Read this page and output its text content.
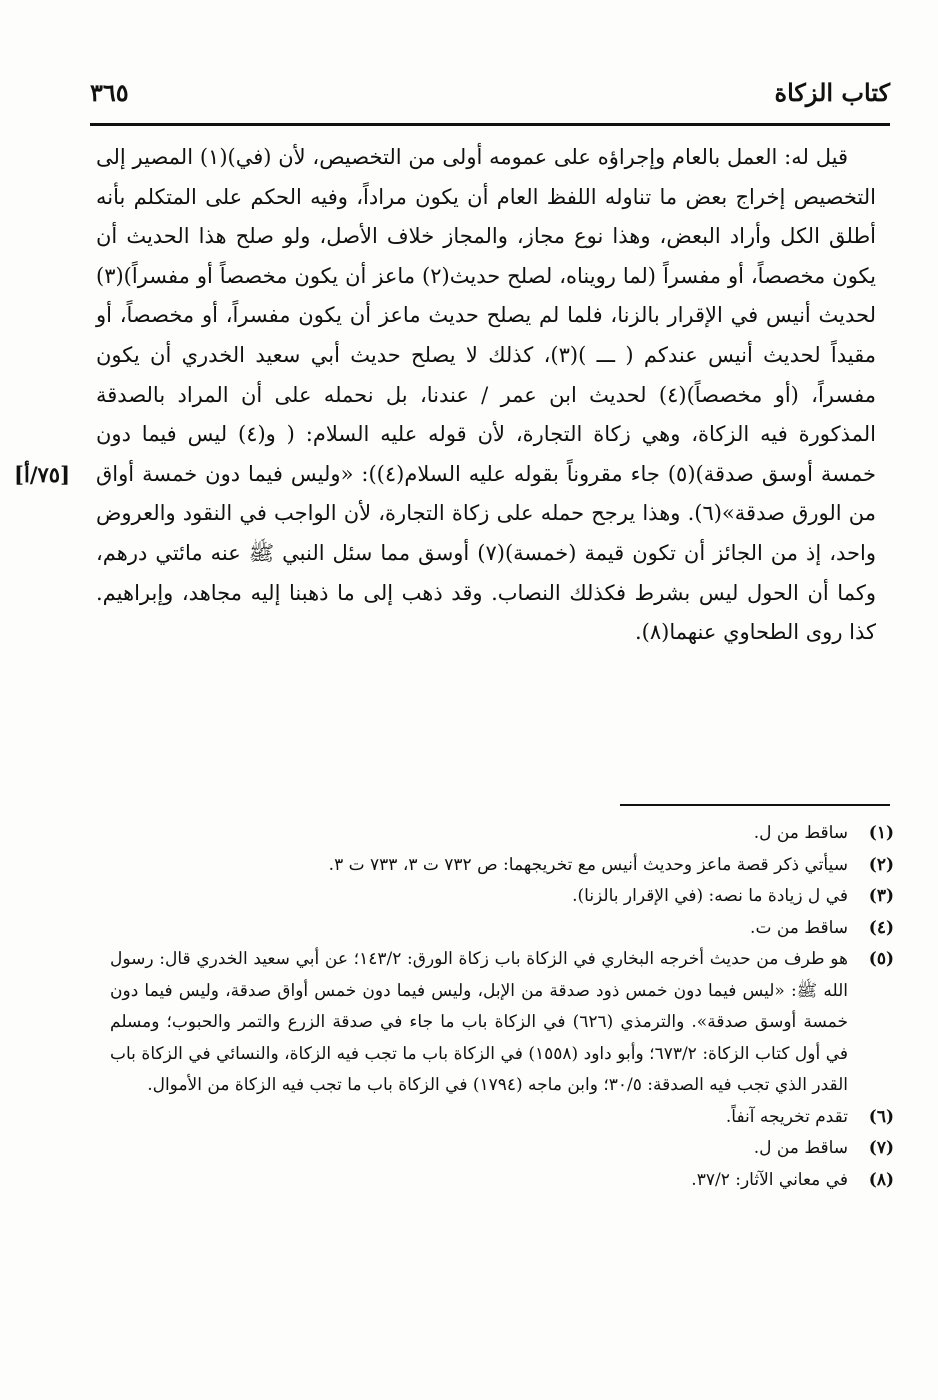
كتاب الزكاة
٣٦٥
[٧٥/أ]

قيل له: العمل بالعام وإجراؤه على عمومه أولى من التخصيص، لأن (في)(١) المصير إلى التخصيص إخراج بعض ما تناوله اللفظ العام أن يكون مراداً، وفيه الحكم على المتكلم بأنه أطلق الكل وأراد البعض، وهذا نوع مجاز، والمجاز خلاف الأصل، ولو صلح هذا الحديث أن يكون مخصصاً، أو مفسراً (لما رويناه، لصلح حديث(٢) ماعز أن يكون مخصصاً أو مفسراً)(٣) لحديث أنيس في الإقرار بالزنا، فلما لم يصلح حديث ماعز أن يكون مفسراً، أو مخصصاً، أو مقيداً لحديث أنيس عندكم ( ـــ )(٣)، كذلك لا يصلح حديث أبي سعيد الخدري أن يكون مفسراً، (أو مخصصاً)(٤) لحديث ابن عمر / عندنا، بل نحمله على أن المراد بالصدقة المذكورة فيه الزكاة، وهي زكاة التجارة، لأن قوله عليه السلام: ( و(٤) ليس فيما دون خمسة أوسق صدقة)(٥) جاء مقروناً بقوله عليه السلام(٤)): «وليس فيما دون خمسة أواق من الورق صدقة»(٦). وهذا يرجح حمله على زكاة التجارة، لأن الواجب في النقود والعروض واحد، إذ من الجائز أن تكون قيمة (خمسة)(٧) أوسق مما سئل النبي ﷺ عنه مائتي درهم، وكما أن الحول ليس بشرط فكذلك النصاب. وقد ذهب إلى ما ذهبنا إليه مجاهد، وإبراهيم. كذا روى الطحاوي عنهما(٨).

(١)
ساقط من ل.
(٢)
سيأتي ذكر قصة ماعز وحديث أنيس مع تخريجهما: ص ٧٣٢ ت ٣، ٧٣٣ ت ٣.
(٣)
في ل زيادة ما نصه: (في الإقرار بالزنا).
(٤)
ساقط من ت.
(٥)
هو طرف من حديث أخرجه البخاري في الزكاة باب زكاة الورق: ١٤٣/٢؛ عن أبي سعيد الخدري قال: رسول الله ﷺ: «ليس فيما دون خمس ذود صدقة من الإبل، وليس فيما دون خمس أواق صدقة، وليس فيما دون خمسة أوسق صدقة». والترمذي (٦٢٦) في الزكاة باب ما جاء في صدقة الزرع والتمر والحبوب؛ ومسلم في أول كتاب الزكاة: ٦٧٣/٢؛ وأبو داود (١٥٥٨) في الزكاة باب ما تجب فيه الزكاة، والنسائي في الزكاة باب القدر الذي تجب فيه الصدقة: ٣٠/٥؛ وابن ماجه (١٧٩٤) في الزكاة باب ما تجب فيه الزكاة من الأموال.
(٦)
تقدم تخريجه آنفاً.
(٧)
ساقط من ل.
(٨)
في معاني الآثار: ٣٧/٢.
